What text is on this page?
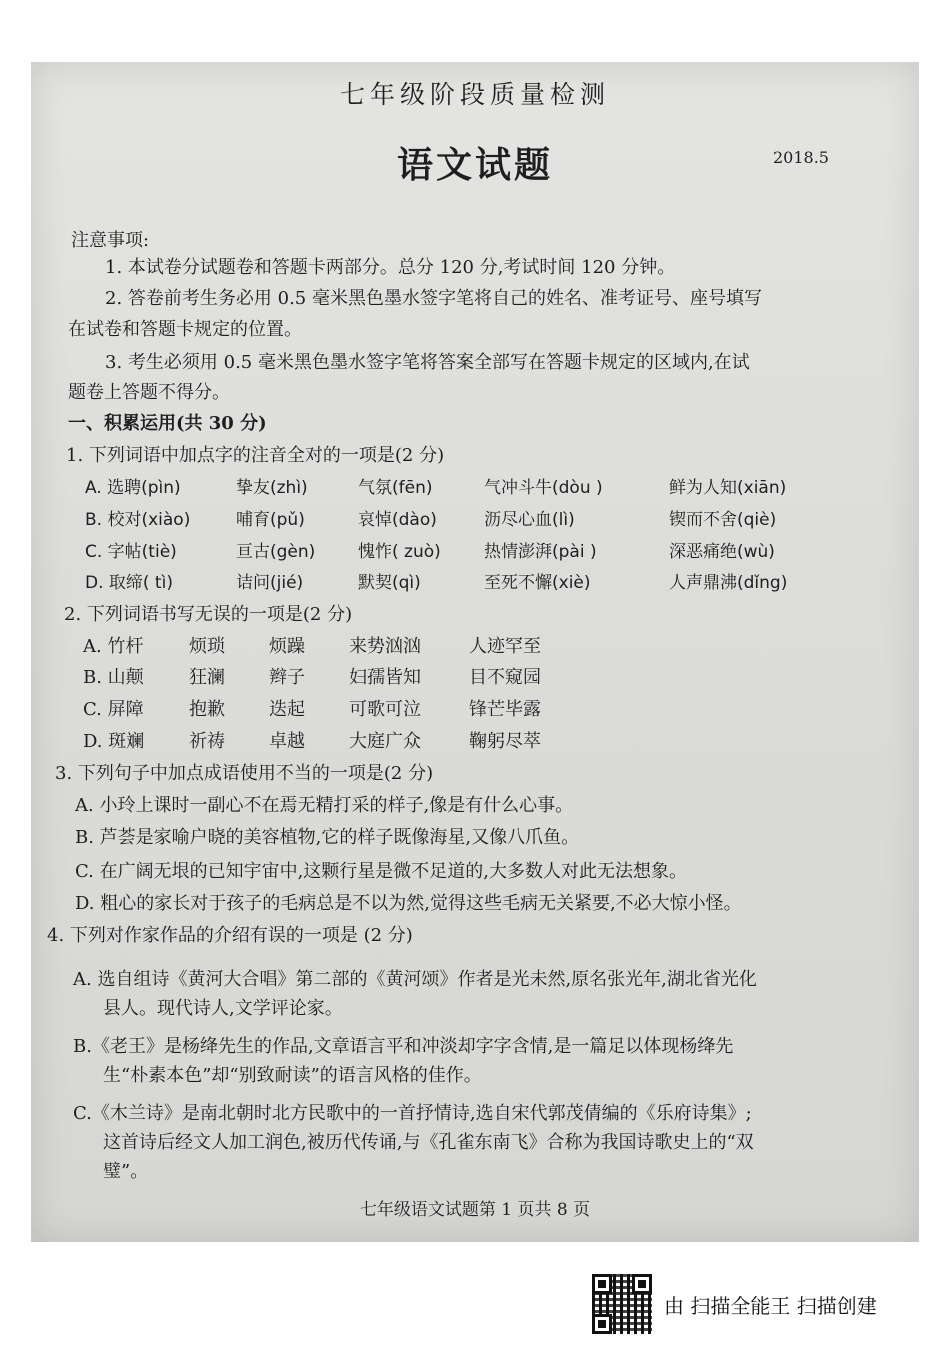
七年级阶段质量检测
语文试题	2018.5
注意事项:
1. 本试卷分试题卷和答题卡两部分。总分 120 分,考试时间 120 分钟。
2. 答卷前考生务必用 0.5 毫米黑色墨水签字笔将自己的姓名、准考证号、座号填写
在试卷和答题卡规定的位置。
3. 考生必须用 0.5 毫米黑色墨水签字笔将答案全部写在答题卡规定的区域内,在试
题卷上答题不得分。
一、积累运用(共 30 分)
1. 下列词语中加点字的注音全对的一项是(2 分)
A. 选聘(pìn)	挚友(zhì)	气氛(fēn)	气冲斗牛(dòu )	鲜为人知(xiān)
B. 校对(xiào)	哺育(pǔ)	哀悼(dào)	沥尽心血(lì)	锲而不舍(qiè)
C. 字帖(tiè)	亘古(gèn)	愧怍( zuò)	热情澎湃(pài )	深恶痛绝(wù)
D. 取缔( tì)	诘问(jié)	默契(qì)	至死不懈(xiè)	人声鼎沸(dǐng)
2. 下列词语书写无误的一项是(2 分)
A. 竹杆	烦琐 烦躁 来势汹汹	人迹罕至
B. 山颠	狂澜 辫子 妇孺皆知	目不窥园
C. 屏障	抱歉 迭起 可歌可泣	锋芒毕露
D. 斑斓 祈祷 卓越 大庭广众	鞠躬尽萃
3. 下列句子中加点成语使用不当的一项是(2 分)
A. 小玲上课时一副心不在焉无精打采的样子,像是有什么心事。
B. 芦荟是家喻户晓的美容植物,它的样子既像海星,又像八爪鱼。
C. 在广阔无垠的已知宇宙中,这颗行星是微不足道的,大多数人对此无法想象。
D. 粗心的家长对于孩子的毛病总是不以为然,觉得这些毛病无关紧要,不必大惊小怪。
4. 下列对作家作品的介绍有误的一项是 (2 分)
A. 选自组诗《黄河大合唱》第二部的《黄河颂》作者是光未然,原名张光年,湖北省光化
县人。现代诗人,文学评论家。
B.《老王》是杨绛先生的作品,文章语言平和冲淡却字字含情,是一篇足以体现杨绛先
生“朴素本色”却“别致耐读”的语言风格的佳作。
C.《木兰诗》是南北朝时北方民歌中的一首抒情诗,选自宋代郭茂倩编的《乐府诗集》;
这首诗后经文人加工润色,被历代传诵,与《孔雀东南飞》合称为我国诗歌史上的“双
璧”。
七年级语文试题第 1 页共 8 页
由 扫描全能王 扫描创建
